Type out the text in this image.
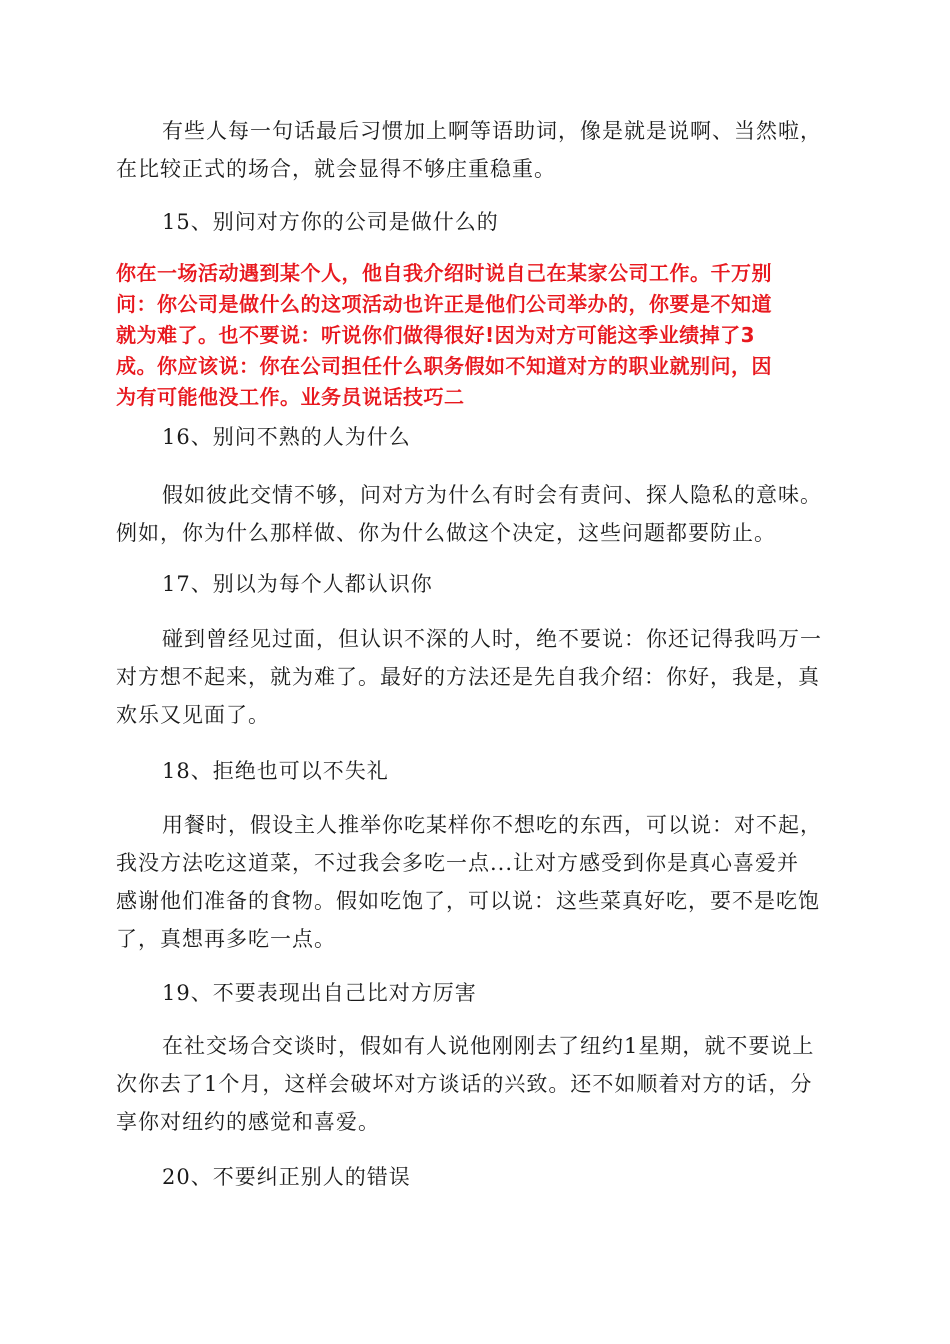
有些人每一句话最后习惯加上啊等语助词，像是就是说啊、当然啦，
在比较正式的场合，就会显得不够庄重稳重。

15、别问对方你的公司是做什么的

你在一场活动遇到某个人，他自我介绍时说自己在某家公司工作。千万别
问：你公司是做什么的这项活动也许正是他们公司举办的，你要是不知道
就为难了。也不要说：听说你们做得很好!因为对方可能这季业绩掉了3
成。你应该说：你在公司担任什么职务假如不知道对方的职业就别问，因
为有可能他没工作。业务员说话技巧二

16、别问不熟的人为什么

假如彼此交情不够，问对方为什么有时会有责问、探人隐私的意味。
例如，你为什么那样做、你为什么做这个决定，这些问题都要防止。

17、别以为每个人都认识你

碰到曾经见过面，但认识不深的人时，绝不要说：你还记得我吗万一
对方想不起来，就为难了。最好的方法还是先自我介绍：你好，我是，真
欢乐又见面了。

18、拒绝也可以不失礼

用餐时，假设主人推举你吃某样你不想吃的东西，可以说：对不起，
我没方法吃这道菜，不过我会多吃一点...让对方感受到你是真心喜爱并
感谢他们准备的食物。假如吃饱了，可以说：这些菜真好吃，要不是吃饱
了，真想再多吃一点。

19、不要表现出自己比对方厉害

在社交场合交谈时，假如有人说他刚刚去了纽约1星期，就不要说上
次你去了1个月，这样会破坏对方谈话的兴致。还不如顺着对方的话，分
享你对纽约的感觉和喜爱。

20、不要纠正别人的错误
